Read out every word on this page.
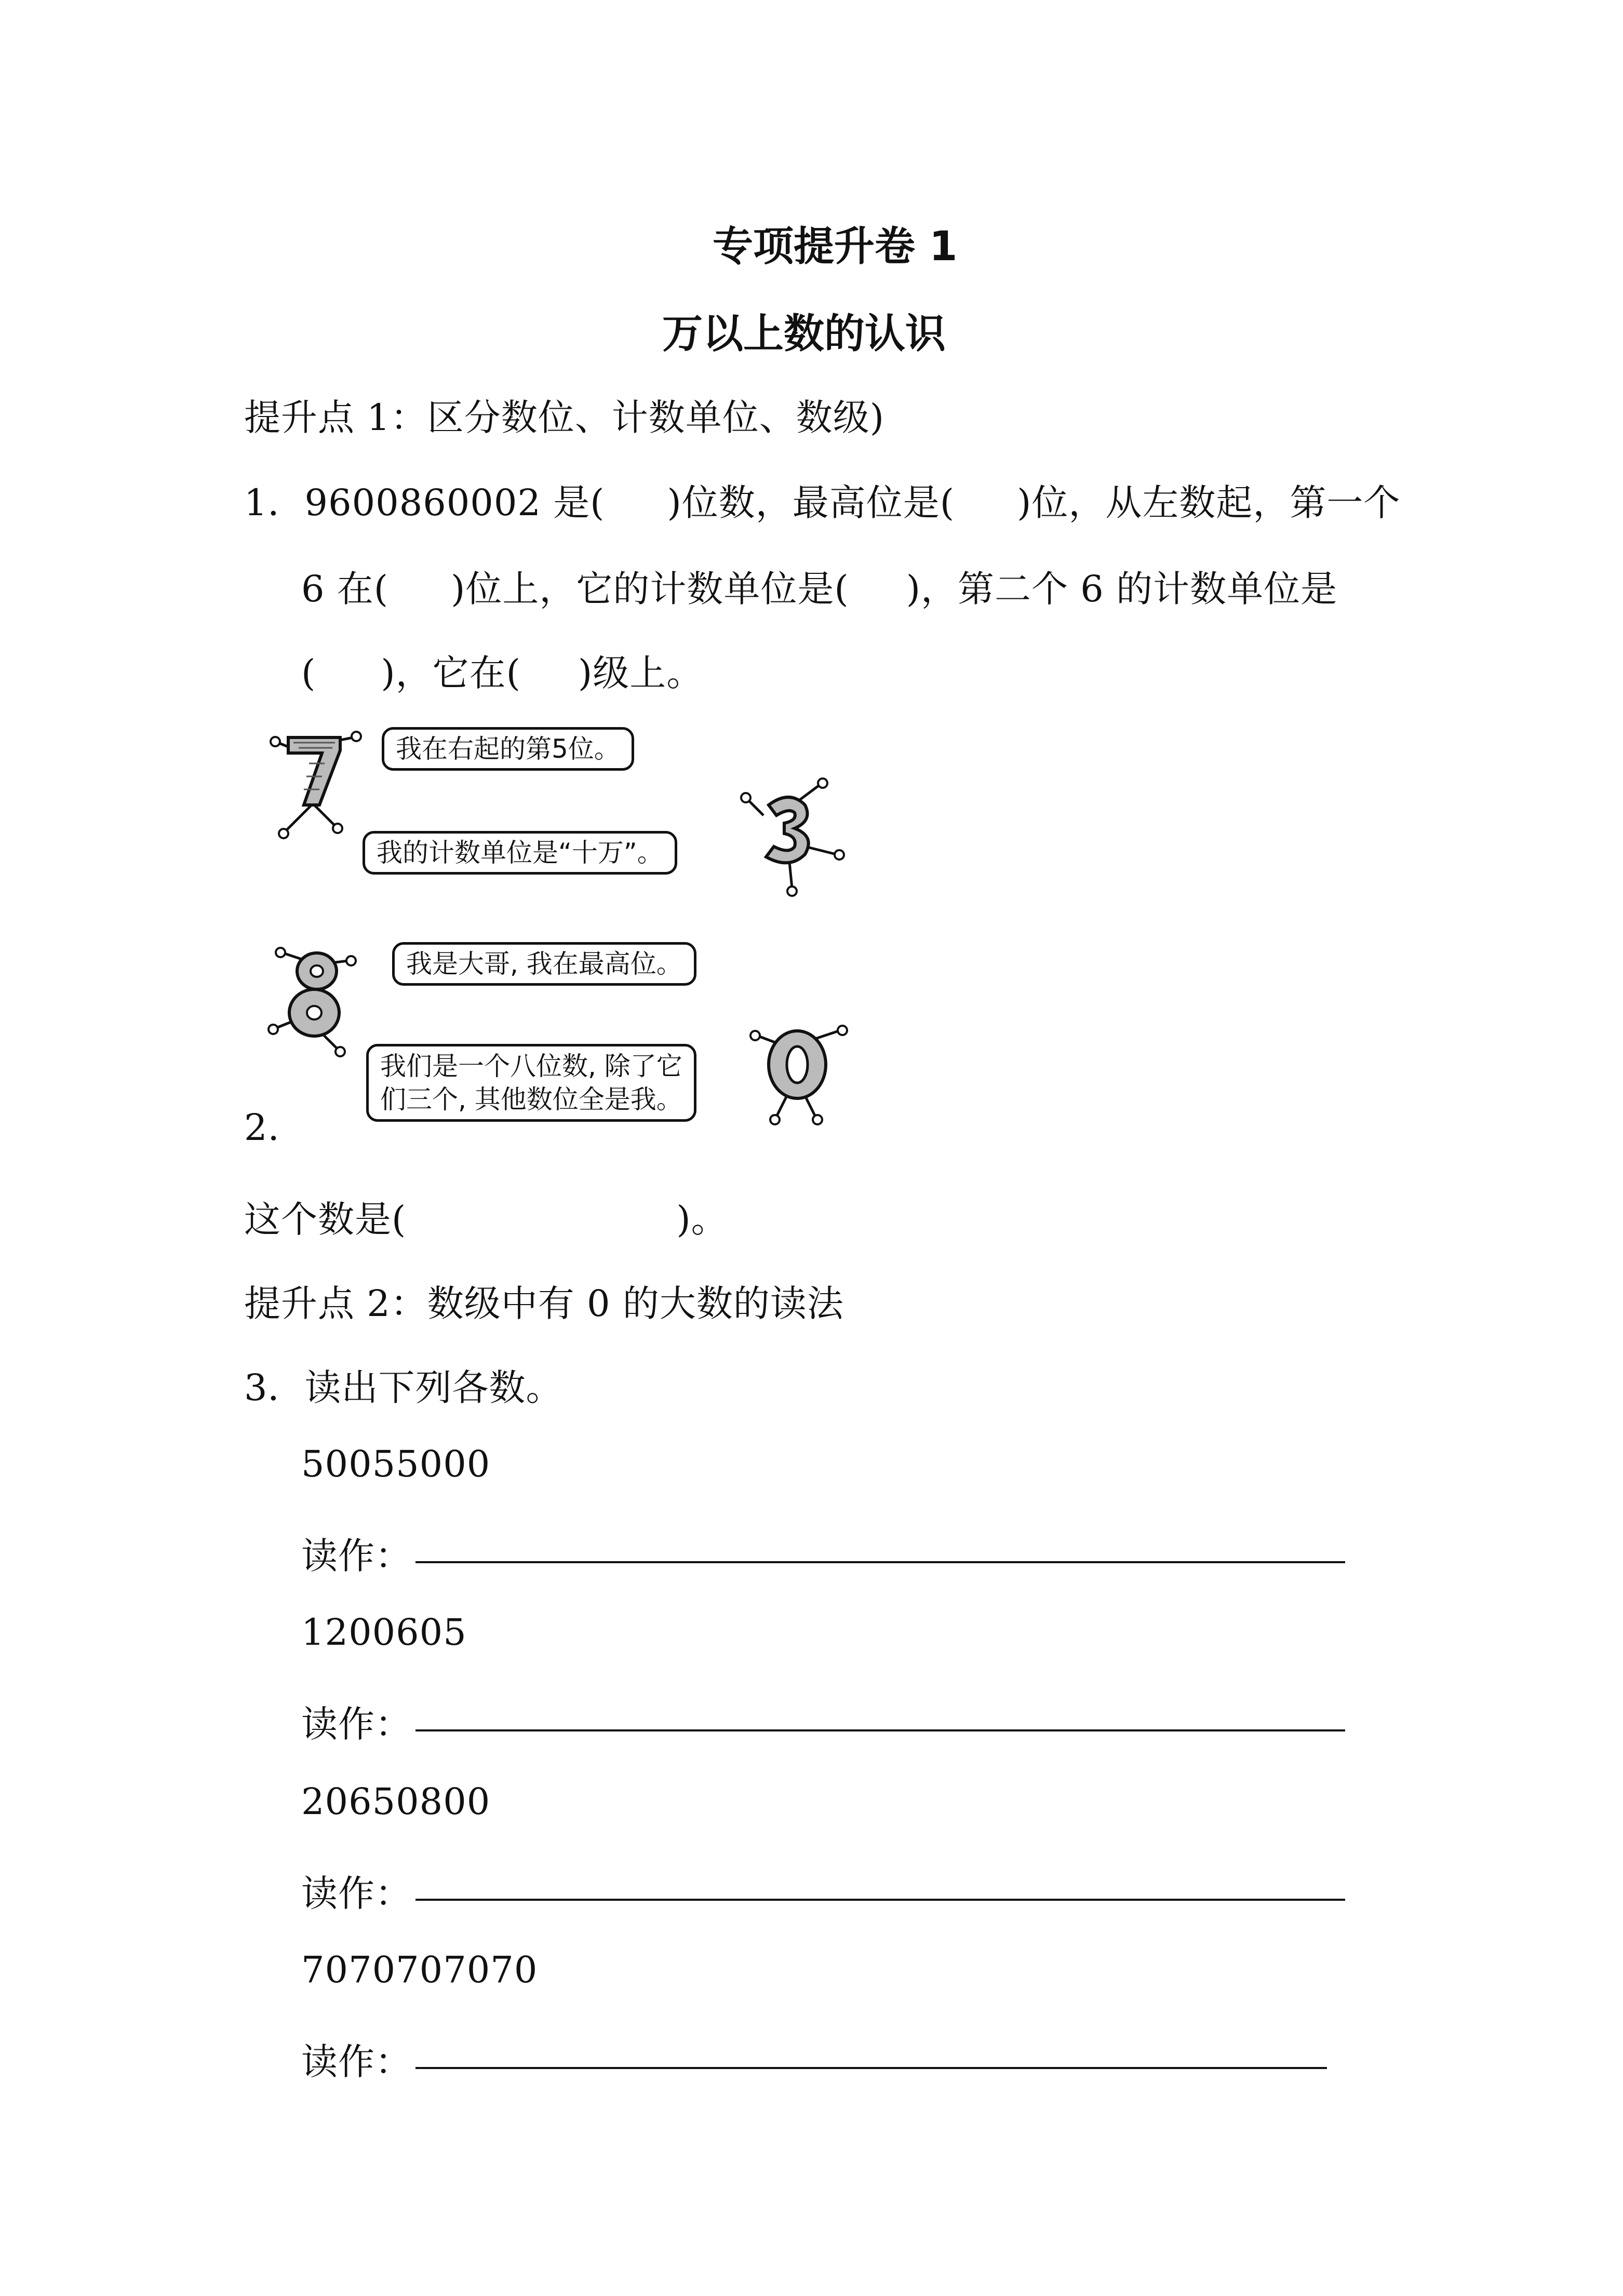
专项提升卷 1
万以上数的认识
提升点 1：区分数位、计数单位、数级)
1．9600860002 是( )位数，最高位是( )位，从左数起，第一个
6 在( )位上，它的计数单位是( )，第二个 6 的计数单位是
( )，它在( )级上。
我在右起的第5位。
我的计数单位是“十万”。
我是大哥, 我在最高位。
我们是一个八位数, 除了它
们三个, 其他数位全是我。
2.
这个数是(	)。
提升点 2：数级中有 0 的大数的读法
3．读出下列各数。
50055000
读作：
1200605
读作：
20650800
读作：
7070707070
读作：
